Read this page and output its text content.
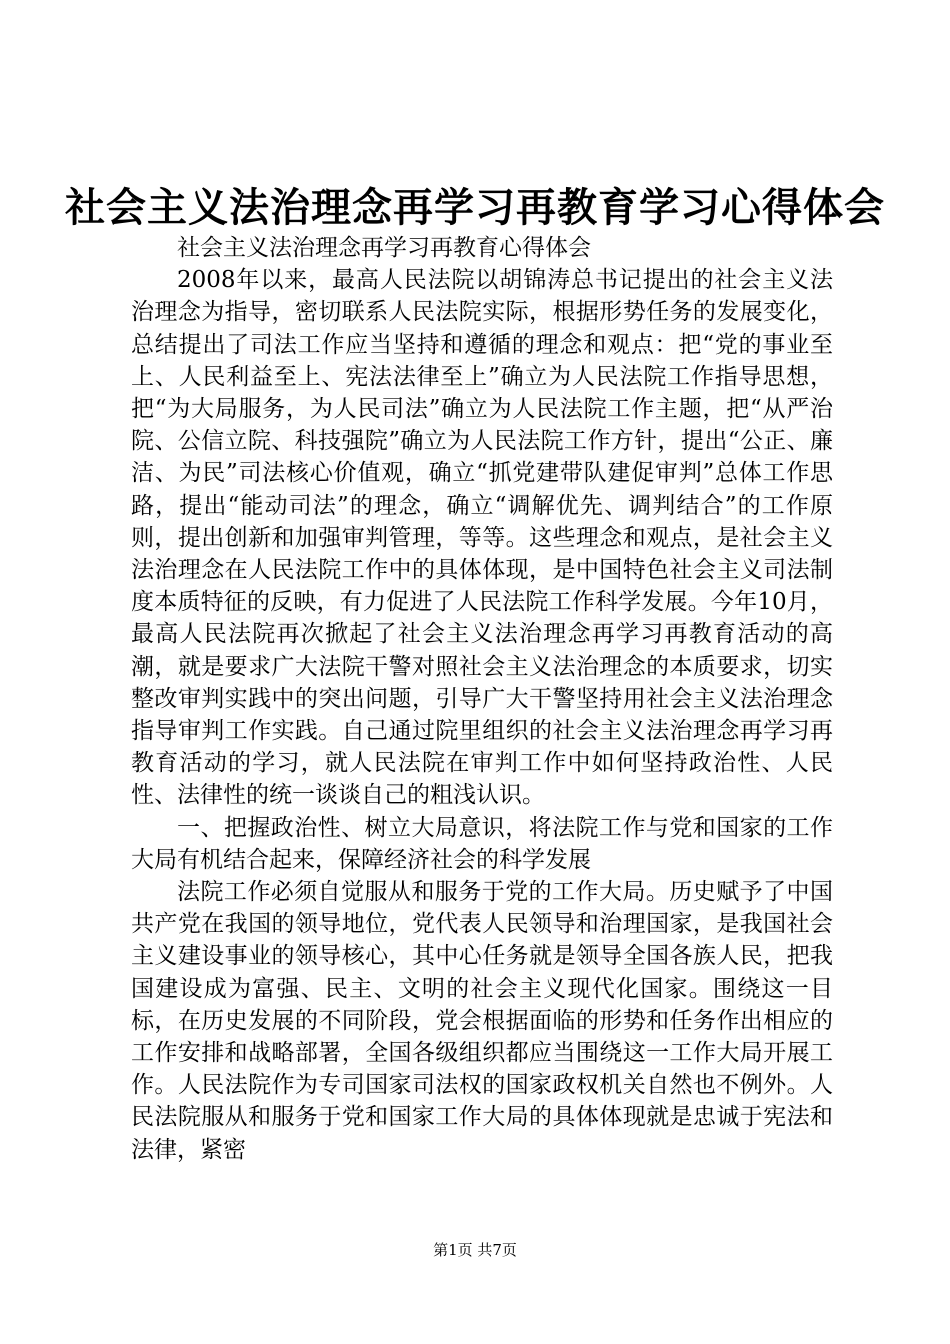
社会主义法治理念再学习再教育学习心得体会

社会主义法治理念再学习再教育心得体会

2008年以来，最高人民法院以胡锦涛总书记提出的社会主义法治理念为指导，密切联系人民法院实际，根据形势任务的发展变化，总结提出了司法工作应当坚持和遵循的理念和观点：把“党的事业至上、人民利益至上、宪法法律至上”确立为人民法院工作指导思想，把“为大局服务，为人民司法”确立为人民法院工作主题，把“从严治院、公信立院、科技强院”确立为人民法院工作方针，提出“公正、廉洁、为民”司法核心价值观，确立“抓党建带队建促审判”总体工作思路，提出“能动司法”的理念，确立“调解优先、调判结合”的工作原则，提出创新和加强审判管理，等等。这些理念和观点，是社会主义法治理念在人民法院工作中的具体体现，是中国特色社会主义司法制度本质特征的反映，有力促进了人民法院工作科学发展。今年10月，最高人民法院再次掀起了社会主义法治理念再学习再教育活动的高潮，就是要求广大法院干警对照社会主义法治理念的本质要求，切实整改审判实践中的突出问题，引导广大干警坚持用社会主义法治理念指导审判工作实践。自己通过院里组织的社会主义法治理念再学习再教育活动的学习，就人民法院在审判工作中如何坚持政治性、人民性、法律性的统一谈谈自己的粗浅认识。

一、把握政治性、树立大局意识，将法院工作与党和国家的工作大局有机结合起来，保障经济社会的科学发展

法院工作必须自觉服从和服务于党的工作大局。历史赋予了中国共产党在我国的领导地位，党代表人民领导和治理国家，是我国社会主义建设事业的领导核心，其中心任务就是领导全国各族人民，把我国建设成为富强、民主、文明的社会主义现代化国家。围绕这一目标，在历史发展的不同阶段，党会根据面临的形势和任务作出相应的工作安排和战略部署，全国各级组织都应当围绕这一工作大局开展工作。人民法院作为专司国家司法权的国家政权机关自然也不例外。人民法院服从和服务于党和国家工作大局的具体体现就是忠诚于宪法和法律，紧密

第1页 共7页
